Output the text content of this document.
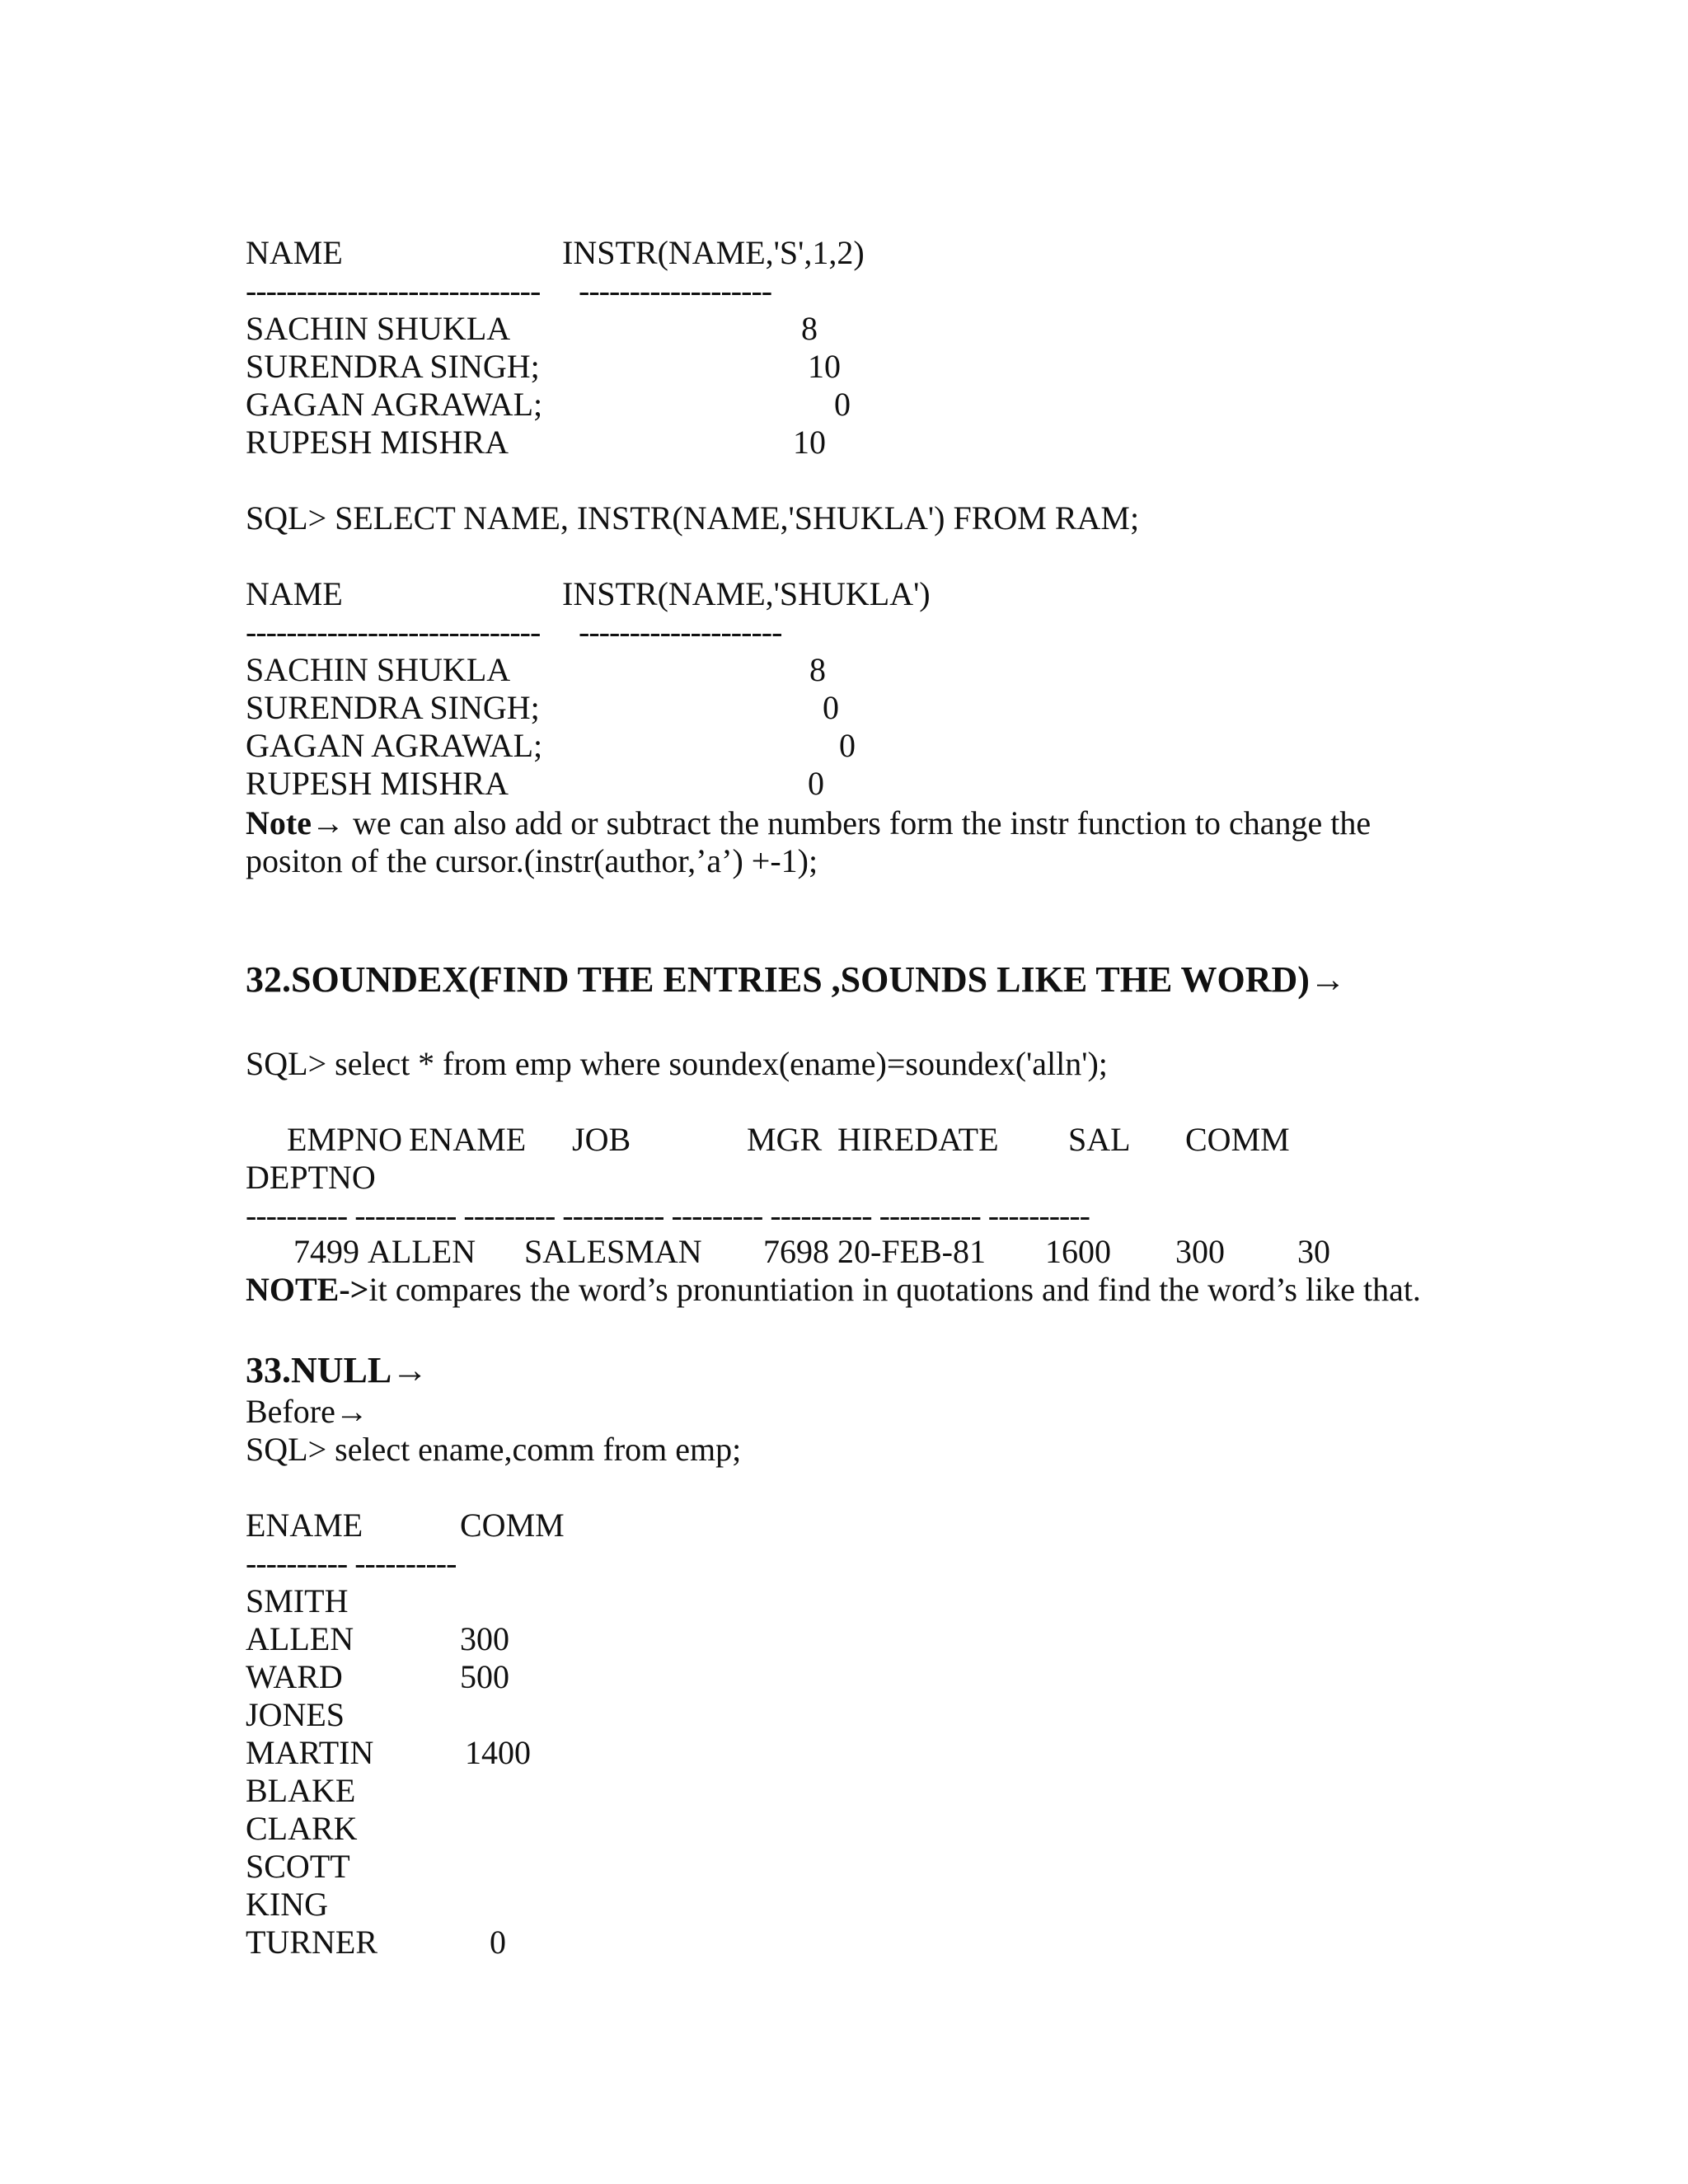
NAME	INSTR(NAME,'S',1,2)
----------------------------- -------------------
SACHIN SHUKLA	8
SURENDRA SINGH;	10
GAGAN AGRAWAL;	0
RUPESH MISHRA	10
SQL> SELECT NAME, INSTR(NAME,'SHUKLA') FROM RAM;
NAME	INSTR(NAME,'SHUKLA')
----------------------------- --------------------
SACHIN SHUKLA	8
SURENDRA SINGH;	0
GAGAN AGRAWAL;	0
RUPESH MISHRA	0
Note→ we can also add or subtract the numbers form the instr function to change the
positon of the cursor.(instr(author,’a’) +-1);
32.SOUNDEX(FIND THE ENTRIES ,SOUNDS LIKE THE WORD)→
SQL> select * from emp where soundex(ename)=soundex('alln');
EMPNO ENAME JOB	MGR HIREDATE SAL COMM
DEPTNO
---------- ---------- --------- ---------- --------- ---------- ---------- ----------
7499 ALLEN SALESMAN 7698 20-FEB-81 1600 300 30
NOTE->it compares the word’s pronuntiation in quotations and find the word’s like that.
33.NULL→
Before→
SQL> select ename,comm from emp;
ENAME	COMM
---------- ----------
SMITH
ALLEN	300
WARD	500
JONES
MARTIN	1400
BLAKE
CLARK
SCOTT
KING
TURNER	0
